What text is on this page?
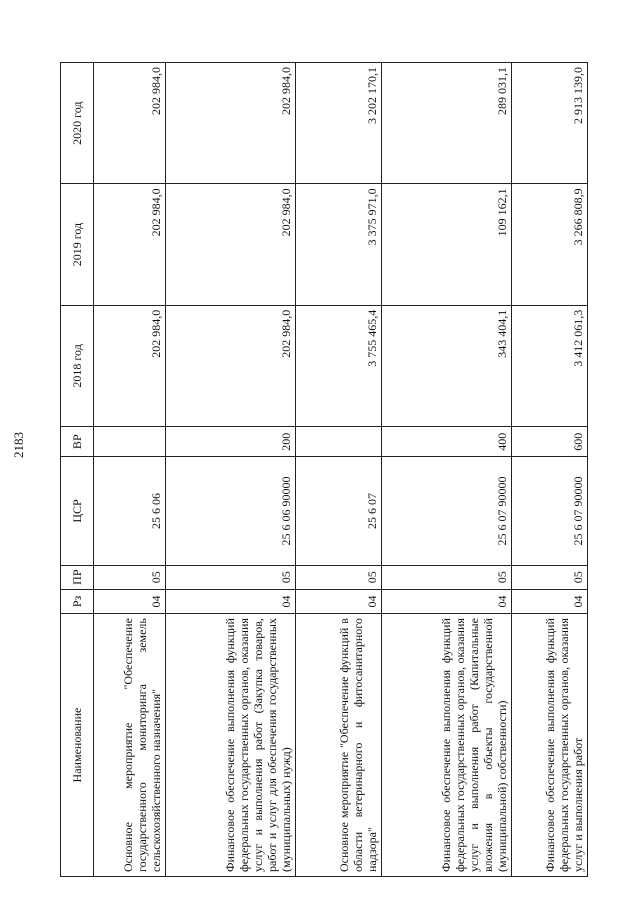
2183
Наименование	Рз	ПР	ЦСР	ВР	2018 год	2019 год	2020 год
Основное мероприятие "Обеспечение государственного мониторинга земель сельскохозяйственного назначения"	04	05	25 6 06		202 984,0	202 984,0	202 984,0
Финансовое обеспечение выполнения функций федеральных государственных органов, оказания услуг и выполнения работ (Закупка товаров, работ и услуг для обеспечения государственных (муниципальных) нужд)	04	05	25 6 06 90000	200	202 984,0	202 984,0	202 984,0
Основное мероприятие "Обеспечение функций в области ветеринарного и фитосанитарного надзора"	04	05	25 6 07		3 755 465,4	3 375 971,0	3 202 170,1
Финансовое обеспечение выполнения функций федеральных государственных органов, оказания услуг и выполнения работ (Капитальные вложения в объекты государственной (муниципальной) собственности)	04	05	25 6 07 90000	400	343 404,1	109 162,1	289 031,1
Финансовое обеспечение выполнения функций федеральных государственных органов, оказания услуг и выполнения работ	04	05	25 6 07 90000	600	3 412 061,3	3 266 808,9	2 913 139,0
